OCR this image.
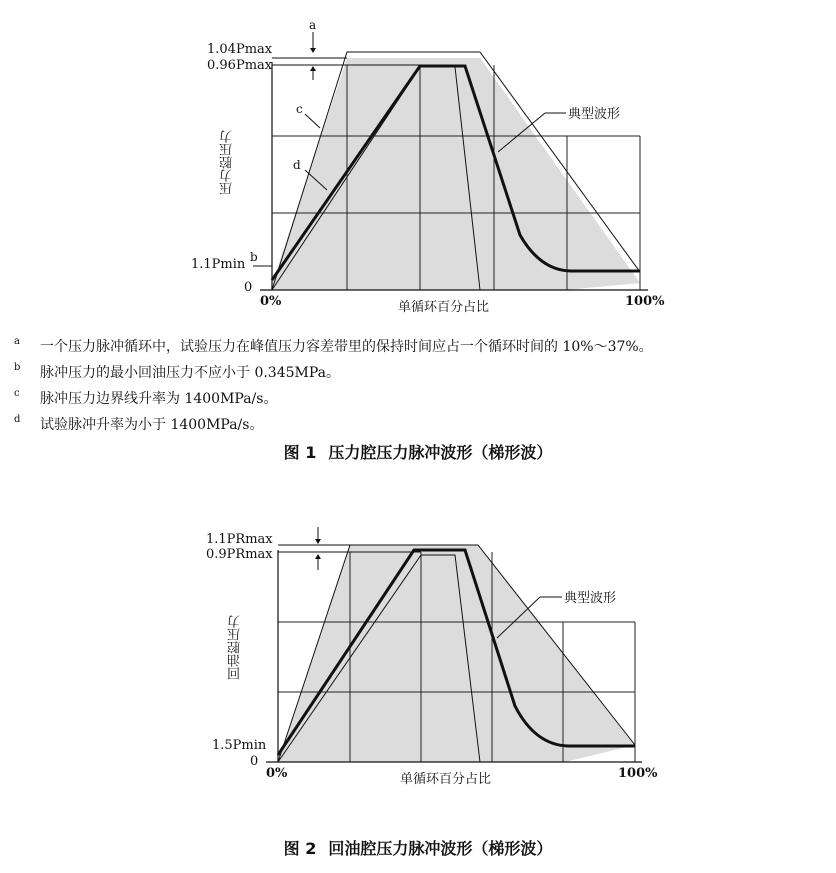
1.04Pmax
0.96Pmax
1.1Pmin
0
0%	100%
单循环百分占比
压力腔压力
a
b
c
d
典型波形
a 一个压力脉冲循环中，试验压力在峰值压力容差带里的保持时间应占一个循环时间的 10%～37%。
b 脉冲压力的最小回油压力不应小于 0.345MPa。
c 脉冲压力边界线升率为 1400MPa/s。
d 试验脉冲升率为小于 1400MPa/s。
图 1 压力腔压力脉冲波形（梯形波）
1.1PRmax
0.9PRmax
1.5Pmin
0
0%	100%
单循环百分占比
回油腔压力
典型波形
图 2 回油腔压力脉冲波形（梯形波）
